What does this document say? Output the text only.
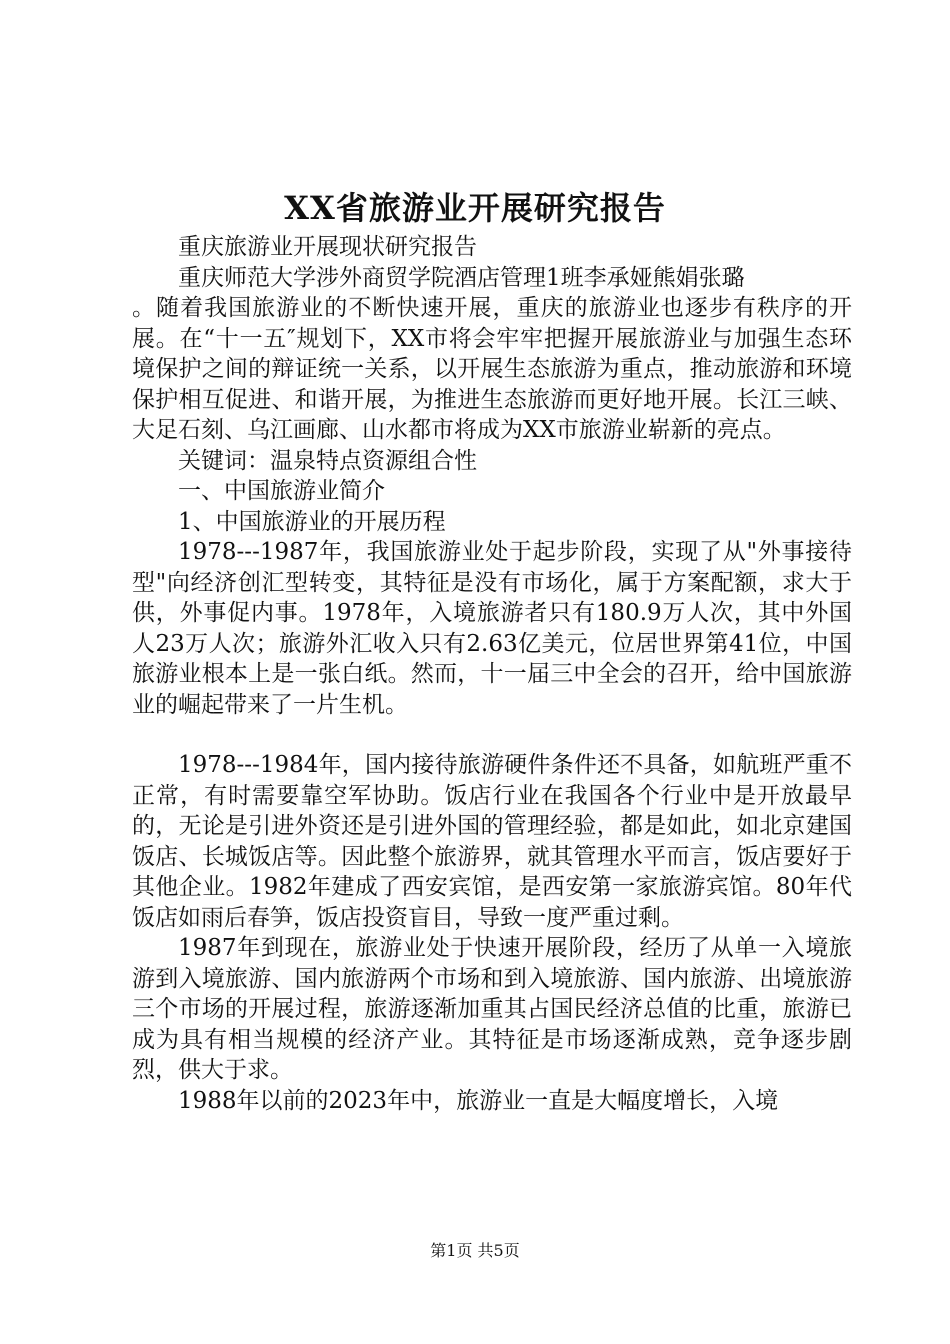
XX省旅游业开展研究报告

重庆旅游业开展现状研究报告

重庆师范大学涉外商贸学院酒店管理1班李承娅熊娟张璐

。随着我国旅游业的不断快速开展，重庆的旅游业也逐步有秩序的开展。在“十一五″规划下，XX市将会牢牢把握开展旅游业与加强生态环境保护之间的辩证统一关系，以开展生态旅游为重点，推动旅游和环境保护相互促进、和谐开展，为推进生态旅游而更好地开展。长江三峡、大足石刻、乌江画廊、山水都市将成为XX市旅游业崭新的亮点。

关键词：温泉特点资源组合性

一、中国旅游业简介

1、中国旅游业的开展历程

1978---1987年，我国旅游业处于起步阶段，实现了从"外事接待型"向经济创汇型转变，其特征是没有市场化，属于方案配额，求大于供，外事促内事。1978年，入境旅游者只有180.9万人次，其中外国人23万人次；旅游外汇收入只有2.63亿美元，位居世界第41位，中国旅游业根本上是一张白纸。然而，十一届三中全会的召开，给中国旅游业的崛起带来了一片生机。

1978---1984年，国内接待旅游硬件条件还不具备，如航班严重不正常，有时需要靠空军协助。饭店行业在我国各个行业中是开放最早的，无论是引进外资还是引进外国的管理经验，都是如此，如北京建国饭店、长城饭店等。因此整个旅游界，就其管理水平而言，饭店要好于其他企业。1982年建成了西安宾馆，是西安第一家旅游宾馆。80年代饭店如雨后春笋，饭店投资盲目，导致一度严重过剩。

1987年到现在，旅游业处于快速开展阶段，经历了从单一入境旅游到入境旅游、国内旅游两个市场和到入境旅游、国内旅游、出境旅游三个市场的开展过程，旅游逐渐加重其占国民经济总值的比重，旅游已成为具有相当规模的经济产业。其特征是市场逐渐成熟，竞争逐步剧烈，供大于求。

1988年以前的2023年中，旅游业一直是大幅度增长，入境

第1页 共5页
